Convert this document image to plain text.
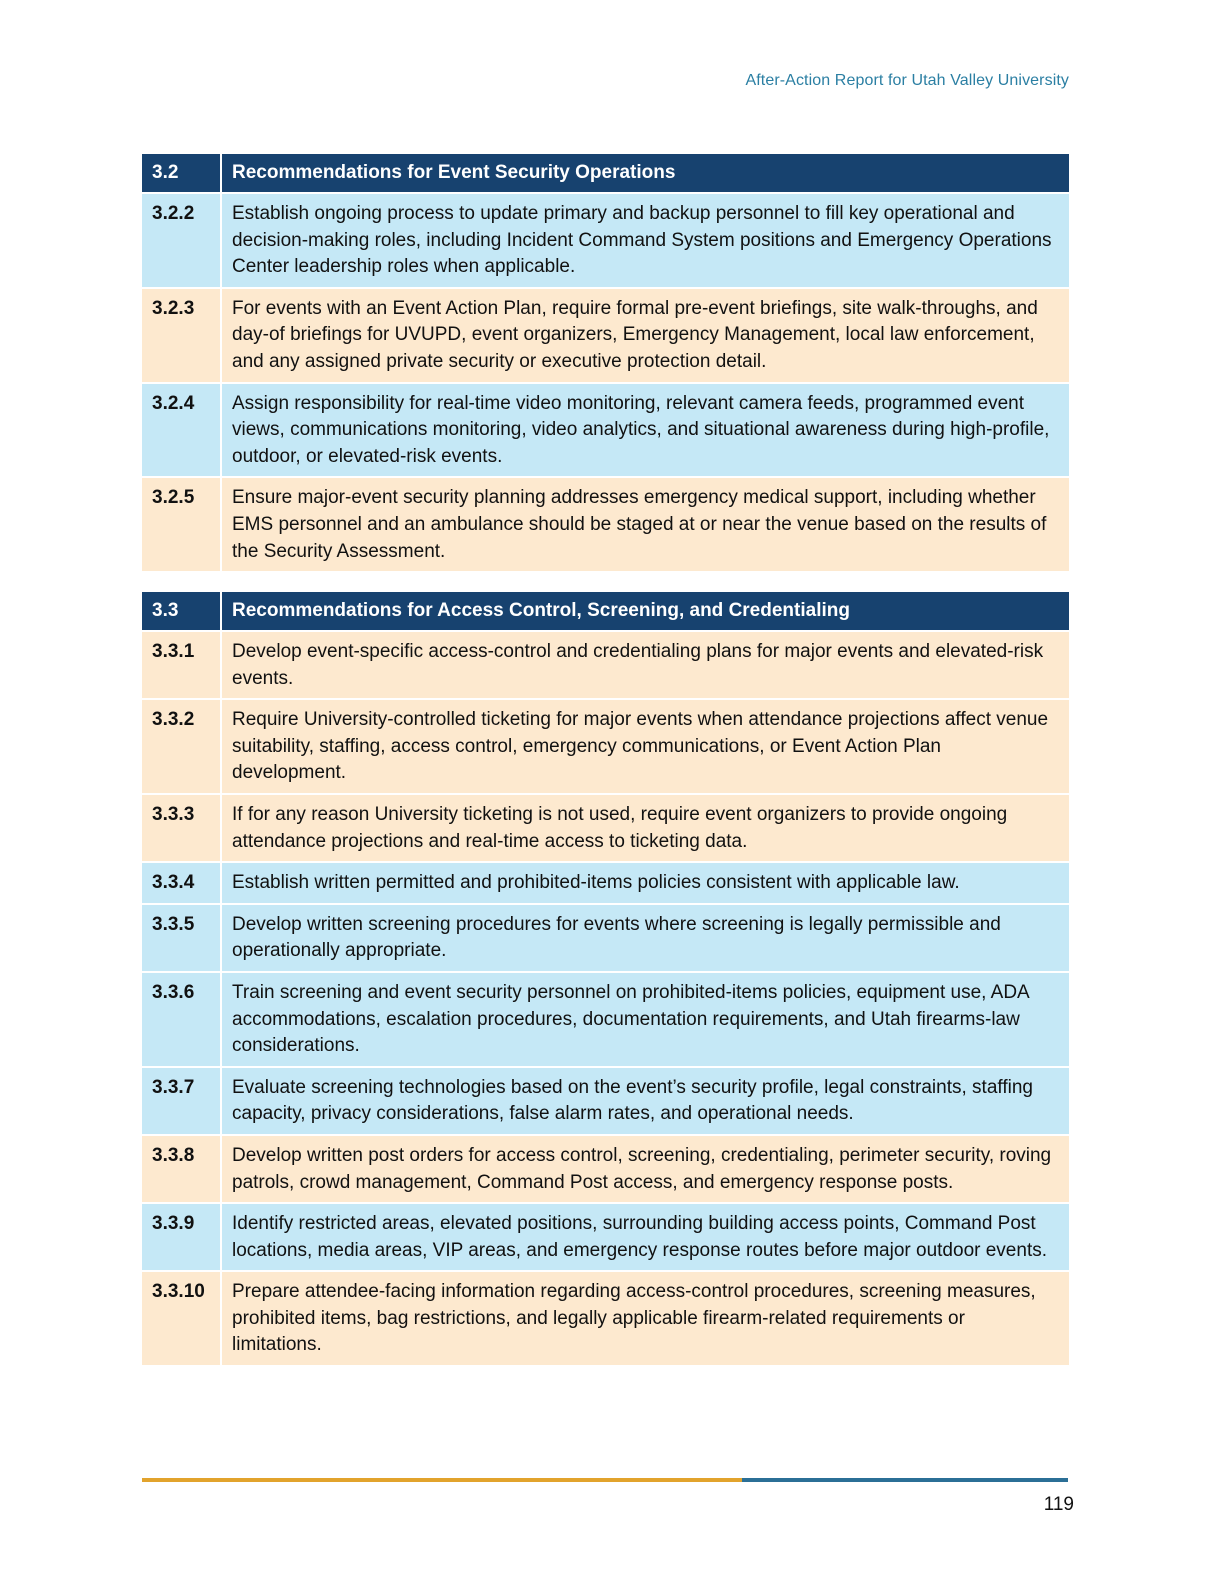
After-Action Report for Utah Valley University
3.2	Recommendations for Event Security Operations
3.2.2	Establish ongoing process to update primary and backup personnel to fill key operational and decision-making roles, including Incident Command System positions and Emergency Operations Center leadership roles when applicable.
3.2.3	For events with an Event Action Plan, require formal pre-event briefings, site walk-throughs, and day-of briefings for UVUPD, event organizers, Emergency Management, local law enforcement, and any assigned private security or executive protection detail.
3.2.4	Assign responsibility for real-time video monitoring, relevant camera feeds, programmed event views, communications monitoring, video analytics, and situational awareness during high-profile, outdoor, or elevated-risk events.
3.2.5	Ensure major-event security planning addresses emergency medical support, including whether EMS personnel and an ambulance should be staged at or near the venue based on the results of the Security Assessment.
3.3	Recommendations for Access Control, Screening, and Credentialing
3.3.1	Develop event-specific access-control and credentialing plans for major events and elevated-risk events.
3.3.2	Require University-controlled ticketing for major events when attendance projections affect venue suitability, staffing, access control, emergency communications, or Event Action Plan development.
3.3.3	If for any reason University ticketing is not used, require event organizers to provide ongoing attendance projections and real-time access to ticketing data.
3.3.4	Establish written permitted and prohibited-items policies consistent with applicable law.
3.3.5	Develop written screening procedures for events where screening is legally permissible and operationally appropriate.
3.3.6	Train screening and event security personnel on prohibited-items policies, equipment use, ADA accommodations, escalation procedures, documentation requirements, and Utah firearms-law considerations.
3.3.7	Evaluate screening technologies based on the event’s security profile, legal constraints, staffing capacity, privacy considerations, false alarm rates, and operational needs.
3.3.8	Develop written post orders for access control, screening, credentialing, perimeter security, roving patrols, crowd management, Command Post access, and emergency response posts.
3.3.9	Identify restricted areas, elevated positions, surrounding building access points, Command Post locations, media areas, VIP areas, and emergency response routes before major outdoor events.
3.3.10	Prepare attendee-facing information regarding access-control procedures, screening measures, prohibited items, bag restrictions, and legally applicable firearm-related requirements or limitations.
119
